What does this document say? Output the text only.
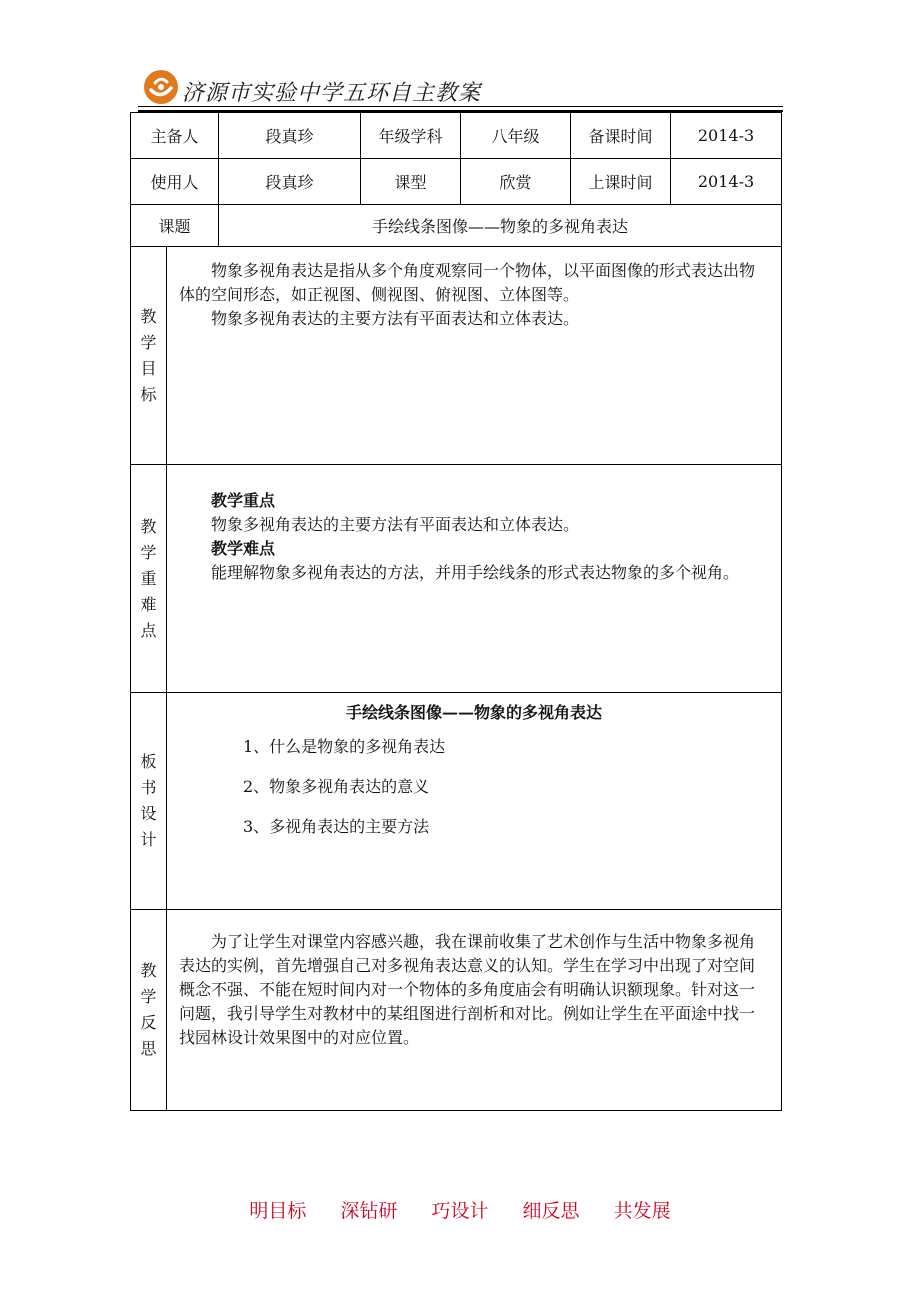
济源市实验中学五环自主教案
主备人		段真珍	年级学科	八年级	备课时间	2014-3
使用人		段真珍	课型	欣赏	上课时间	2014-3
课题		手绘线条图像——物象的多视角表达				
教学目标	物象多视角表达是指从多个角度观察同一个物体，以平面图像的形式表达出物体的空间形态，如正视图、侧视图、俯视图、立体图等。

物象多视角表达的主要方法有平面表达和立体表达。					

教学重难点	教学重点

物象多视角表达的主要方法有平面表达和立体表达。

教学难点

能理解物象多视角表达的方法，并用手绘线条的形式表达物象的多个视角。					

板书设计	手绘线条图像——物象的多视角表达

1、什么是物象的多视角表达

2、物象多视角表达的意义

3、多视角表达的主要方法					

教学反思	为了让学生对课堂内容感兴趣，我在课前收集了艺术创作与生活中物象多视角表达的实例，首先增强自己对多视角表达意义的认知。学生在学习中出现了对空间概念不强、不能在短时间内对一个物体的多角度庙会有明确认识额现象。针对这一问题，我引导学生对教材中的某组图进行剖析和对比。例如让学生在平面途中找一找园林设计效果图中的对应位置。					

明目标 深钻研 巧设计 细反思 共发展
